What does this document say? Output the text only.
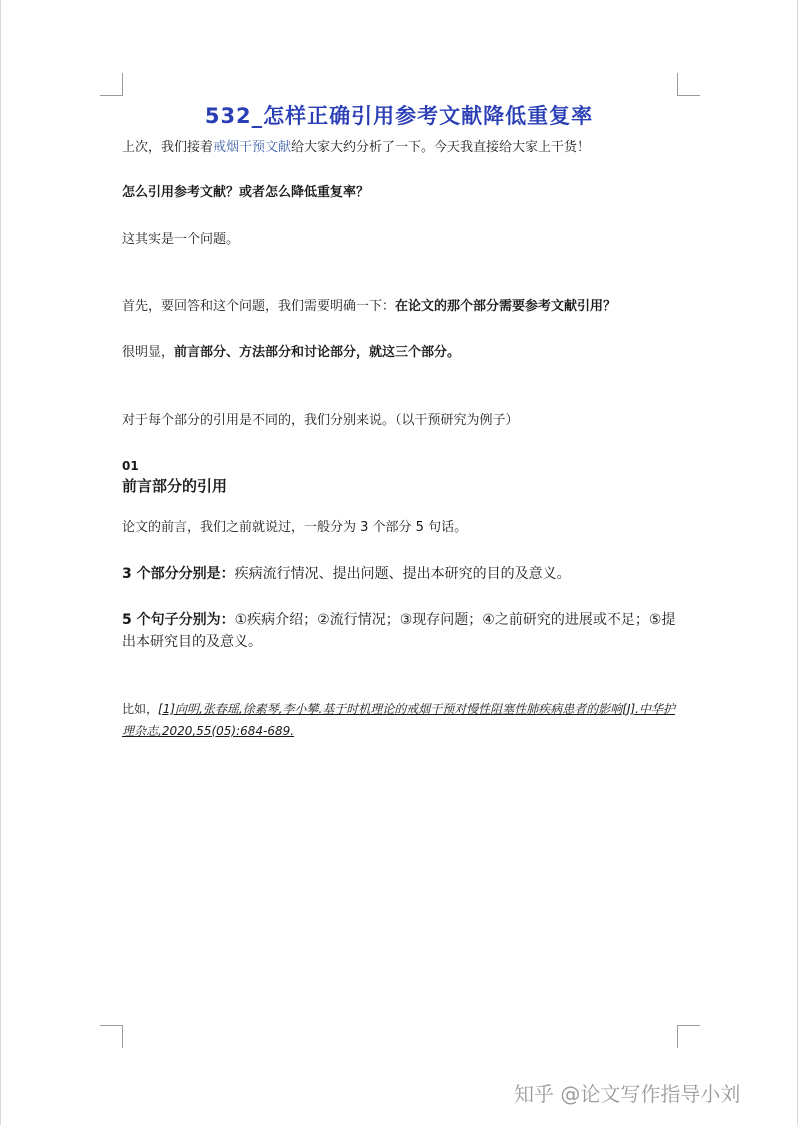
532_怎样正确引用参考文献降低重复率
上次，我们接着戒烟干预文献给大家大约分析了一下。今天我直接给大家上干货！
怎么引用参考文献？或者怎么降低重复率？
这其实是一个问题。
首先，要回答和这个问题，我们需要明确一下：在论文的那个部分需要参考文献引用？
很明显，前言部分、方法部分和讨论部分，就这三个部分。
对于每个部分的引用是不同的，我们分别来说。（以干预研究为例子）
01
前言部分的引用
论文的前言，我们之前就说过，一般分为 3 个部分 5 句话。
3 个部分分别是：疾病流行情况、提出问题、提出本研究的目的及意义。
5 个句子分别为：①疾病介绍；②流行情况；③现存问题；④之前研究的进展或不足；⑤提出本研究目的及意义。
比如，[1]向明,张春瑶,徐素琴,李小攀.基于时机理论的戒烟干预对慢性阻塞性肺疾病患者的影响[J].中华护理杂志,2020,55(05):684-689.
知乎 @论文写作指导小刘
